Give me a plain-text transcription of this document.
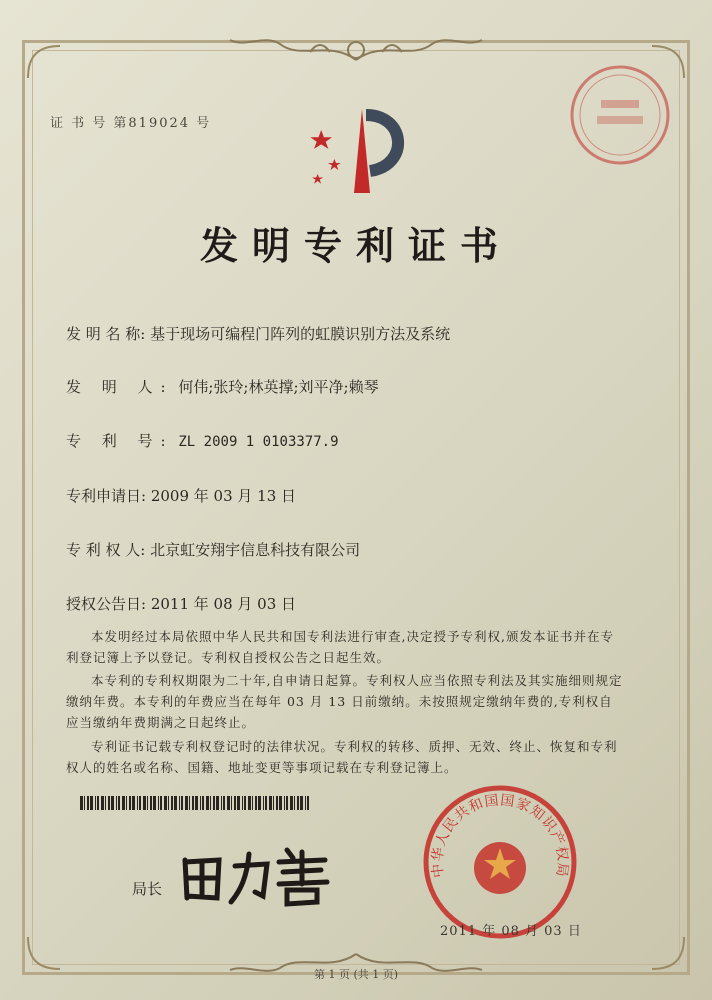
证 书 号 第819024 号
发明专利证书
发 明 名 称: 基于现场可编程门阵列的虹膜识别方法及系统
发 明 人: 何伟;张玲;林英撑;刘平净;赖琴
专 利 号: ZL 2009 1 0103377.9
专利申请日: 2009 年 03 月 13 日
专 利 权 人: 北京虹安翔宇信息科技有限公司
授权公告日: 2011 年 08 月 03 日
本发明经过本局依照中华人民共和国专利法进行审查,决定授予专利权,颁发本证书并在专利登记簿上予以登记。专利权自授权公告之日起生效。
本专利的专利权期限为二十年,自申请日起算。专利权人应当依照专利法及其实施细则规定缴纳年费。本专利的年费应当在每年 03 月 13 日前缴纳。未按照规定缴纳年费的,专利权自应当缴纳年费期满之日起终止。
专利证书记载专利权登记时的法律状况。专利权的转移、质押、无效、终止、恢复和专利权人的姓名或名称、国籍、地址变更等事项记载在专利登记簿上。
局长
中华人民共和国国家知识产权局
2011 年 08 月 03 日
第 1 页 (共 1 页)
